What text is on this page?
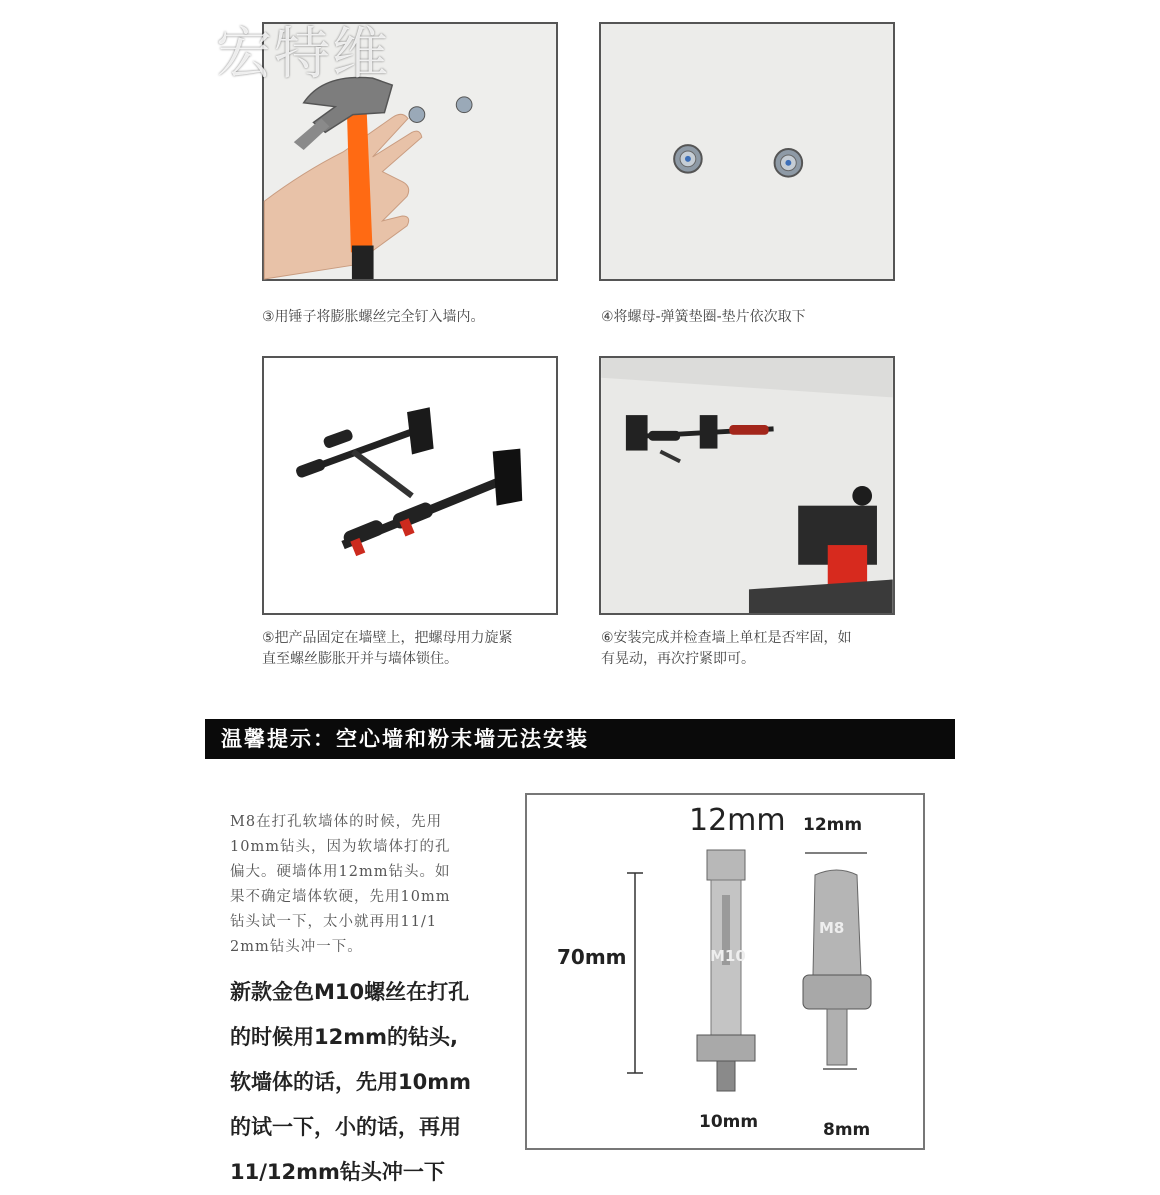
宏特维
③用锤子将膨胀螺丝完全钉入墙内。	④将螺母-弹簧垫圈-垫片依次取下
⑤把产品固定在墙壁上，把螺母用力旋紧
直至螺丝膨胀开并与墙体锁住。
⑥安装完成并检查墙上单杠是否牢固，如
有晃动，再次拧紧即可。
温馨提示：空心墙和粉末墙无法安装
M8在打孔软墙体的时候，先用
10mm钻头，因为软墙体打的孔
偏大。硬墙体用12mm钻头。如
果不确定墙体软硬，先用10mm
钻头试一下，太小就再用11/1
2mm钻头冲一下。
新款金色M10螺丝在打孔
的时候用12mm的钻头,
软墙体的话，先用10mm
的试一下，小的话，再用
11/12mm钻头冲一下
12mm 12mm
70mm	M10
M8
10mm	8mm
